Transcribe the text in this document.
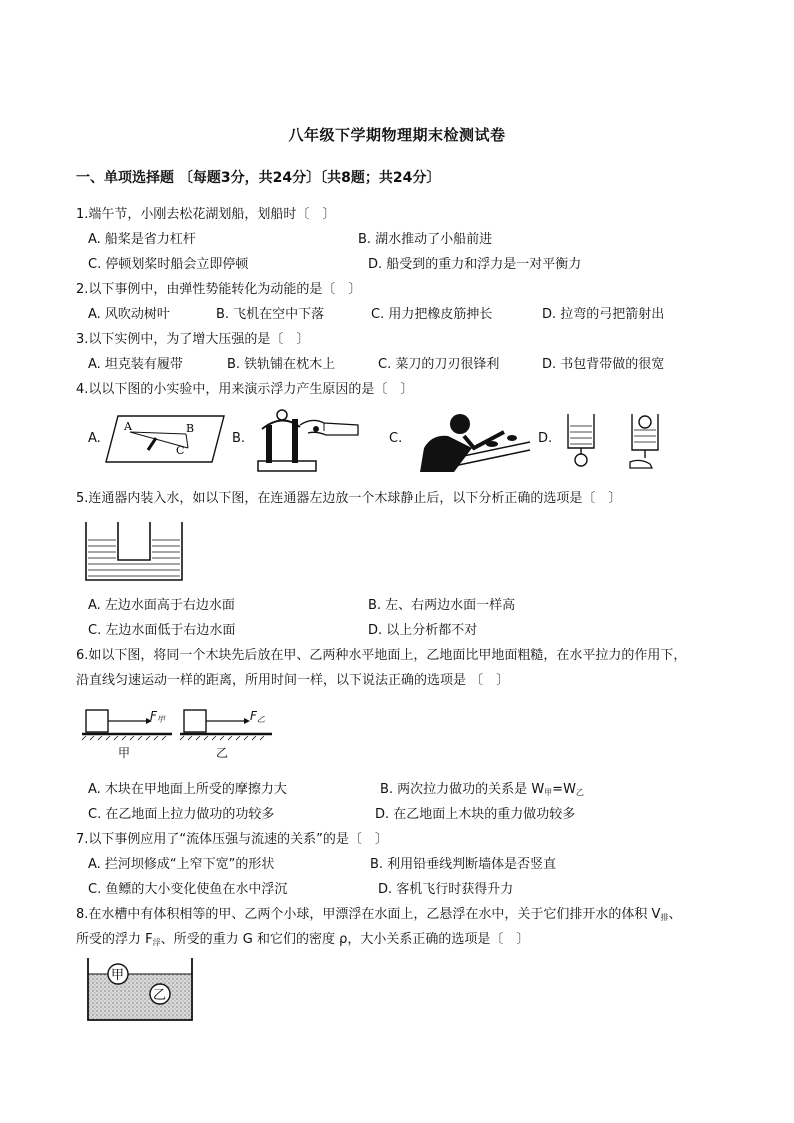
八年级下学期物理期末检测试卷
一、单项选择题 〔每题3分，共24分〕〔共8题；共24分〕
1.端午节，小刚去松花湖划船，划船时〔　〕
A. 船桨是省力杠杆	B. 湖水推动了小船前进
C. 停顿划桨时船会立即停顿	D. 船受到的重力和浮力是一对平衡力
2.以下事例中，由弹性势能转化为动能的是〔　〕
A. 风吹动树叶	B. 飞机在空中下落	C. 用力把橡皮筋抻长	D. 拉弯的弓把箭射出
3.以下实例中，为了增大压强的是〔　〕
A. 坦克装有履带	B. 铁轨铺在枕木上	C. 菜刀的刀刃很锋利	D. 书包背带做的很宽
4.以以下图的小实验中，用来演示浮力产生原因的是〔　〕
A.	B.	C.	D.
A	B
C
5.连通器内装入水，如以下图，在连通器左边放一个木球静止后，以下分析正确的选项是〔　〕
A. 左边水面高于右边水面	B. 左、右两边水面一样高
C. 左边水面低于右边水面	D. 以上分析都不对
6.如以下图，将同一个木块先后放在甲、乙两种水平地面上，乙地面比甲地面粗糙，在水平拉力的作用下，
沿直线匀速运动一样的距离，所用时间一样，以下说法正确的选项是 〔　〕
$F_甲$	$F_乙$
甲	乙
A. 木块在甲地面上所受的摩擦力大	B. 两次拉力做功的关系是 $W_甲=W_乙$
C. 在乙地面上拉力做功的功较多	D. 在乙地面上木块的重力做功较多
7.以下事例应用了“流体压强与流速的关系”的是〔　〕
A. 拦河坝修成“上窄下宽”的形状	B. 利用铅垂线判断墙体是否竖直
C. 鱼鳔的大小变化使鱼在水中浮沉	D. 客机飞行时获得升力
8.在水槽中有体积相等的甲、乙两个小球，甲漂浮在水面上，乙悬浮在水中，关于它们排开水的体积 $V_排$、
所受的浮力 $F_浮$、所受的重力 G 和它们的密度 ρ，大小关系正确的选项是〔　〕
甲
乙
